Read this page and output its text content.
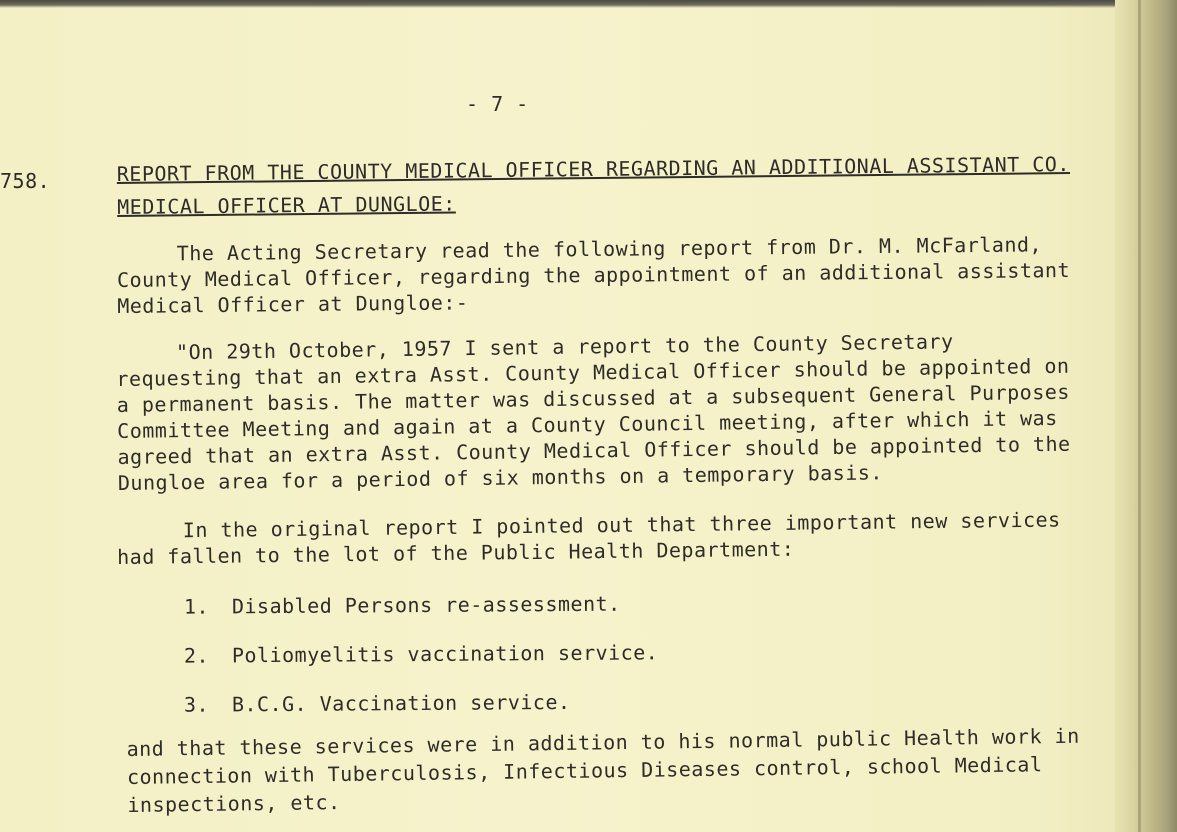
- 7 -
758.	REPORT FROM THE COUNTY MEDICAL OFFICER REGARDING AN ADDITIONAL ASSISTANT CO. MEDICAL OFFICER AT DUNGLOE:
The Acting Secretary read the following report from Dr. M. McFarland, County Medical Officer, regarding the appointment of an additional assistant Medical Officer at Dungloe:-
"On 29th October, 1957 I sent a report to the County Secretary requesting that an extra Asst. County Medical Officer should be appointed on a permanent basis. The matter was discussed at a subsequent General Purposes Committee Meeting and again at a County Council meeting, after which it was agreed that an extra Asst. County Medical Officer should be appointed to the Dungloe area for a period of six months on a temporary basis.
In the original report I pointed out that three important new services had fallen to the lot of the Public Health Department:
1. Disabled Persons re-assessment.
2. Poliomyelitis vaccination service.
3. B.C.G. Vaccination service.
and that these services were in addition to his normal public Health work in connection with Tuberculosis, Infectious Diseases control, school Medical inspections, etc.
